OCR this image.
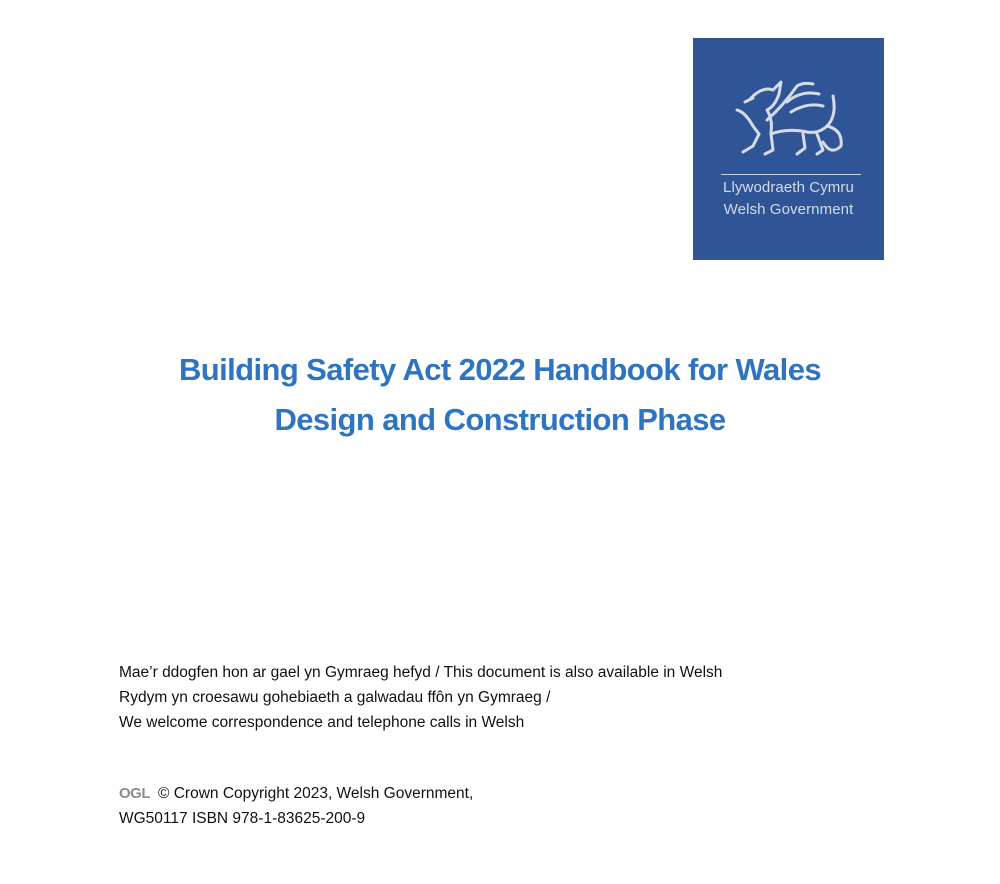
Llywodraeth Cymru
Welsh Government
Building Safety Act 2022 Handbook for Wales
Design and Construction Phase
Mae’r ddogfen hon ar gael yn Gymraeg hefyd / This document is also available in Welsh
Rydym yn croesawu gohebiaeth a galwadau ffôn yn Gymraeg /
We welcome correspondence and telephone calls in Welsh
OGL © Crown Copyright 2023, Welsh Government,
WG50117 ISBN 978-1-83625-200-9
